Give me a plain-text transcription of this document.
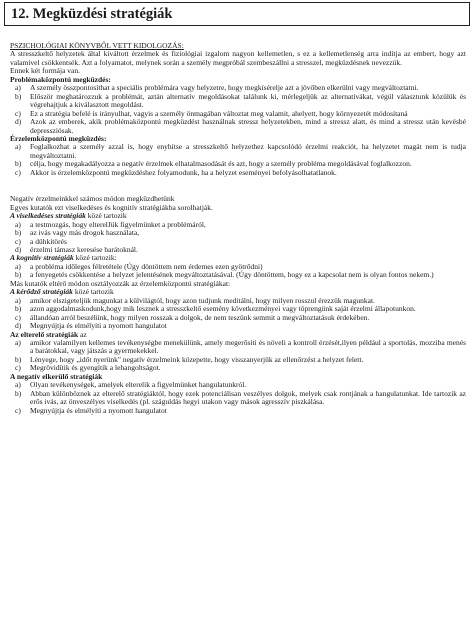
12. Megküzdési stratégiák

PSZICHOLÓGIAI KÖNYVBŐL VETT KIDOLGOZÁS:

A stresszkeltő helyzetek által kiváltott érzelmek és fiziológiai izgalom nagyon kellemetlen, s ez a kellemetlenség arra indítja az embert, hogy azt valamivel csökkentsék. Azt a folyamatot, melynek során a személy megpróbál szembeszállni a stresszel, megküzdésnek nevezzük.

Ennek két formája van.

Problémaközpontú megküzdés:

a)	A személy összpontosíthat a speciális problémára vagy helyzetre, hogy megkísérelje azt a jövőben elkerülni vagy megváltoztatni.
b)	Először meghatározzuk a problémát, aztán alternatív megoldásokat találunk ki, mérlegeljük az alternatívákat, végül választunk közülük és végrehajtjuk a kiválasztott megoldást.
c)	Ez a stratégia befelé is irányulhat, vagyis a személy önmagában változtat meg valamit, ahelyett, hogy környezetét módosítaná
d)	Azok az emberek, akik problémaközpontú megküzdést használnak stressz helyzetekben, mind a stressz alatt, és mind a stressz után kevésbé depressziósak.

Érzelemközpontú megküzdés:

a)	Foglalkozhat a személy azzal is, hogy enyhítse a stresszkeltő helyzethez kapcsolódó érzelmi reakciót, ha helyzetet magát nem is tudja megváltoztatni.
b)	célja, hogy megakadályozza a negatív érzelmek elhatalmasodását és azt, hogy a személy probléma megoldásával foglalkozzon.
c)	Akkor is érzelemközpontú megküzdéshez folyamodunk, ha a helyzet eseményei befolyásolhatatlanok.

Negatív érzelmeinkkel számos módon megküzdhetünk

Egyes kutatók ezt viselkedéses és kognitív stratégiákba sorolhatják.

A viselkedéses stratégiák közé tartozik

a)	a testmozgás, hogy elterelJük figyelmünket a problémáról,
b)	az ivás vagy más drogok használata,
c)	a dühkitörés
d)	érzelmi támasz keresése barátoknál.

A kognitív stratégiák közé tartozik:

a)	a probléma időleges félretétele (Úgy döntöttem nem érdemes ezen gyötrődni)
b)	a fenyegetés csökkentése a helyzet jelentésének megváltoztatásával. (Úgy döntöttem, hogy ez a kapcsolat nem is olyan fontos nekem.)

Más kutatók eltérő módon osztályozzák az érzelemközpontú stratégiákat:

A kérődző stratégiák közé tartozik

a)	amikor elszigeteljük magunkat a külvilágtól, hogy azon tudjunk meditálni, hogy milyen rosszul érezzük magunkat.
b)	azon aggodalmaskodunk,hogy mik lesznek a stresszkeltő esemény következményei vagy töprengünk saját érzelmi állapotunkon.
c)	állandóan arról beszélünk, hogy milyen rosszak a dolgok, de nem teszünk semmit a megváltoztatásuk érdekében.
d)	Megnyújtja és elmélyíti a nyomott hangulatot

Az elterelő stratégiák az

a)	amikor valamilyen kellemes tevékenységbe menekülünk, amely megerősíti és növeli a kontroll érzését,ilyen például a sportolás, mozziba menés a barátokkal, vagy játszás a gyermekekkel.
b)	Lényege, hogy „időt nyerünk" negatív érzelmeink közepette, hogy visszanyerjük az ellenőrzést a helyzet felett.
c)	Megrövidítik és gyengítik a lehangoltságot.

A negatív elkerülő stratégiák

a)	Olyan tevékenységek, amelyek elterelik a figyelmünket hangulatunkról.
b)	Abban különböznek az elterelő stratégiáktól, hogy ezek potenciálisan veszélyes dolgok, melyek csak rontjának a hangulatunkat. Ide tartozik az erős ivás, az önveszélyes viselkedés (pl. száguldás hegyi utakon vagy mások agresszív piszkálása.
c)	Megnyújtja és elmélyíti a nyomott hangulatot
